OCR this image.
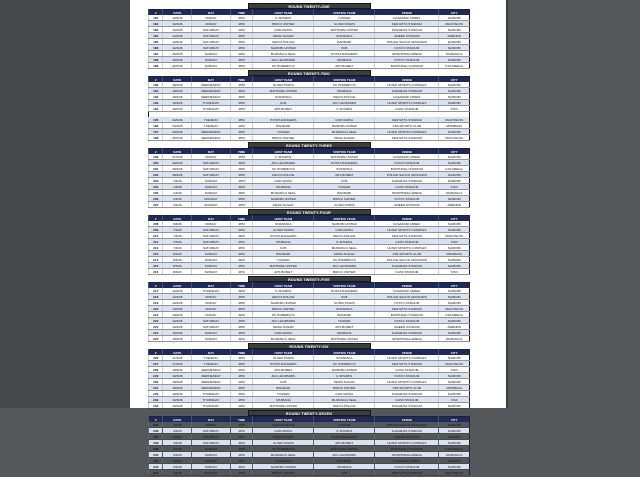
ROUND TWENTY-ONE
#	DATE	DAY	TIME	HOST TEAM	VISITING TEAM	VENUE	CITY
181	13/2/26	FRIDAY	4PM	K-SHARKS	TUSKER	KASARANI ANNEX	NAIROBI
182	13/2/26	FRIDAY	4PM	BIDCO UNITED	ULINZI STARS	KENYATTA STADIUM	MACHAKOS
183	14/2/26	SATURDAY	4PM	GOR MAHIA	MATHARE UNITED	KASARANI STADIUM	NAIROBI
184	14/2/26	SATURDAY	4PM	MARA SUGAR	SOFAPAKA	GREEN STADIUM	AWENDO
185	14/2/26	SATURDAY	4PM	KENYA POLICE	BANDARI	POLICE SACCO GROUNDS	NAIROBI
186	14/2/26	SATURDAY	4PM	NAIROBI UNITED	KCB	NYAYO STADIUM	NAIROBI
187	15/2/26	SUNDAY	4PM	MURANG'A SEAL	POSTA RANGERS	SPORTPESA ARENA	MURANG'A
188	15/2/26	SUNDAY	4PM	AFC LEOPARDS	SHABANA	NYAYO STADIUM	NAIROBI
189	15/2/26	SUNDAY	4PM	KK HOMEBOYZ	APS BOMET	BUKHUNGU STADIUM	KAKAMEGA
ROUND TWENTY-TWO
#	DATE	DAY	TIME	HOST TEAM	VISITING TEAM	VENUE	CITY
190	18/2/26	WEDNESDAY	4PM	ULINZI STARS	KK HOMEBOYZ	ULINZI SPORTS COMPLEX	NAIROBI
191	18/2/26	WEDNESDAY	4PM	MATHARE UNITED	SHABANA	KASARANI STADIUM	NAIROBI
192	18/2/26	WEDNESDAY	4PM	SOFAPAKA	KENYA POLICE	KASARANI ANNEX	NAIROBI
193	19/2/26	THURSDAY	4PM	KCB	AFC LEOPARDS	ULINZI SPORTS COMPLEX	NAIROBI
194	19/2/26	THURSDAY	4PM	APS BOMET	K-SHARKS	GUSII STADIUM	KISII

195	24/2/26	TUESDAY	4PM	POSTA RANGERS	GOR MAHIA	KENYATTA STADIUM	MACHAKOS
196	24/2/26	TUESDAY	4PM	BANDARI	NAIROBI UNITED	KPA SPORTS CLUB	MOMBASA
197	25/2/26	WEDNESDAY	4PM	TUSKER	MURANG'A SEAL	ULINZI SPORTS COMPLEX	NAIROBI
198	25/2/26	WEDNESDAY	4PM	BIDCO UNITED	MARA SUGAR	KENYATTA STADIUM	MACHAKOS
ROUND TWENTY-THREE
#	DATE	DAY	TIME	HOST TEAM	VISITING TEAM	VENUE	CITY
199	27/2/26	FRIDAY	4PM	K-SHARKS	MATHARE UNITED	KASARANI ANNEX	NAIROBI
200	28/2/26	SATURDAY	4PM	AFC LEOPARDS	POSTA RANGERS	NYAYO STADIUM	NAIROBI
201	28/2/26	SATURDAY	4PM	KK HOMEBOYZ	SOFAPAKA	BUKHUNGU STADIUM	KAKAMEGA
202	28/2/26	SATURDAY	4PM	KENYA POLICE	APS BOMET	POLICE SACCO GROUNDS	NAIROBI
203	1/3/26	SUNDAY	4PM	GOR MAHIA	KCB	KASARANI STADIUM	NAIROBI
204	1/3/26	SUNDAY	4PM	SHABANA	TUSKER	GUSII STADIUM	KISII
205	1/3/26	SUNDAY	4PM	MURANG'A SEAL	BANDARI	SPORTPESA ARENA	MURANG'A
206	2/3/26	MONDAY	4PM	NAIROBI UNITED	BIDCO UNITED	NYAYO STADIUM	NAIROBI
207	2/3/26	MONDAY	4PM	MARA SUGAR	ULINZI STARS	GREEN STADIUM	AWENDO
ROUND TWENTY-FOUR
#	DATE	DAY	TIME	HOST TEAM	VISITING TEAM	VENUE	CITY
208	6/3/26	FRIDAY	4PM	SOFAPAKA	NAIROBI UNITED	KASARANI ANNEX	NAIROBI
209	7/3/26	SATURDAY	4PM	ULINZI STARS	GOR MAHIA	ULINZI SPORTS COMPLEX	NAIROBI
210	7/3/26	SATURDAY	4PM	POSTA RANGERS	KENYA POLICE	KENYATTA STADIUM	MACHAKOS
211	7/3/26	SATURDAY	4PM	SHABANA	K-SHARKS	GUSII STADIUM	KISII
212	7/3/26	SATURDAY	4PM	KCB	MURANG'A SEAL	ULINZI SPORTS COMPLEX	NAIROBI
213	8/3/26	SUNDAY	4PM	BANDARI	MARA SUGAR	KPA SPORTS CLUB	MOMBASA
214	8/3/26	SUNDAY	4PM	TUSKER	KK HOMEBOYZ	POLICE SACCO GROUNDS	NAIROBI
215	8/3/26	SUNDAY	4PM	MATHARE UNITED	AFC LEOPARDS	KASARANI STADIUM	NAIROBI
216	8/3/26	SUNDAY	4PM	APS BOMET	BIDCO UNITED	GUSII STADIUM	KISII
ROUND TWENTY-FIVE
#	DATE	DAY	TIME	HOST TEAM	VISITING TEAM	VENUE	CITY
217	12/3/26	THURSDAY	4PM	K-SHARKS	POSTA RANGERS	KASARANI ANNEX	NAIROBI
218	13/3/26	FRIDAY	4PM	KENYA POLICE	KCB	POLICE SACCO GROUNDS	NAIROBI
219	13/3/26	FRIDAY	4PM	NAIROBI UNITED	ULINZI STARS	NYAYO STADIUM	NAIROBI
220	13/3/26	FRIDAY	4PM	BIDCO UNITED	SOFAPAKA	KENYATTA STADIUM	MACHAKOS
221	13/3/26	FRIDAY	4PM	KK HOMEBOYZ	BANDARI	BUKHUNGU STADIUM	KAKAMEGA
222	14/3/26	SATURDAY	4PM	AFC LEOPARDS	TUSKER	NYAYO STADIUM	NAIROBI
223	14/3/26	SATURDAY	4PM	MARA SUGAR	APS BOMET	GREEN STADIUM	AWENDO
224	15/3/26	SUNDAY	4PM	GOR MAHIA	SHABANA	KASARANI STADIUM	NAIROBI
225	15/3/26	SUNDAY	4PM	MURANG'A SEAL	MATHARE UNITED	SPORTPESA ARENA	MURANG'A
ROUND TWENTY-SIX
#	DATE	DAY	TIME	HOST TEAM	VISITING TEAM	VENUE	CITY
226	17/3/26	TUESDAY	4PM	ULINZI STARS	SOFAPAKA	ULINZI SPORTS COMPLEX	NAIROBI
227	17/3/26	TUESDAY	4PM	POSTA RANGERS	KK HOMEBOYZ	KENYATTA STADIUM	MACHAKOS
228	18/3/26	WEDNESDAY	4PM	APS BOMET	NAIROBI UNITED	GUSII STADIUM	KISII
229	18/3/26	WEDNESDAY	4PM	AFC LEOPARDS	K-SHARKS	NYAYO STADIUM	NAIROBI
230	18/3/26	WEDNESDAY	4PM	KCB	MARA SUGAR	ULINZI SPORTS COMPLEX	NAIROBI
231	18/3/26	WEDNESDAY	4PM	BANDARI	BIDCO UNITED	KPA SPORTS CLUB	MOMBASA
232	19/3/26	THURSDAY	4PM	TUSKER	GOR MAHIA	KASARANI STADIUM	NAIROBI
233	19/3/26	THURSDAY	4PM	SHABANA	MURANG'A SEAL	GUSII STADIUM	KISII
234	19/3/26	THURSDAY	4PM	MATHARE UNITED	KENYA POLICE	KASARANI STADIUM	NAIROBI
ROUND TWENTY-SEVEN
#	DATE	DAY	TIME	HOST TEAM	VISITING TEAM	VENUE	CITY
235	3/4/26	FRIDAY	4PM	KENYA POLICE	TUSKER	POLICE SACCO GROUNDS	NAIROBI
236	4/4/26	SATURDAY	4PM	GOR MAHIA	K-SHARKS	KASARANI STADIUM	NAIROBI
237	4/4/26	SATURDAY	4PM	MARA SUGAR	POSTA RANGERS	GREEN STADIUM	AWENDO
238	4/4/26	SATURDAY	4PM	ULINZI STARS	APS BOMET	ULINZI SPORTS COMPLEX	NAIROBI
239	5/4/26	SUNDAY	4PM	KK HOMEBOYZ	MATHARE UNITED	BUKHUNGU STADIUM	KAKAMEGA
240	5/4/26	SUNDAY	4PM	MURANG'A SEAL	AFC LEOPARDS	SPORTPESA ARENA	MURANG'A
241	5/4/26	SUNDAY	4PM	SOFAPAKA	BANDARI	KASARANI ANNEX	NAIROBI
242	5/4/26	SUNDAY	4PM	NAIROBI UNITED	SHABANA	NYAYO STADIUM	NAIROBI
243	6/4/26	MONDAY	4PM	BIDCO UNITED	KCB	KENYATTA STADIUM	MACHAKOS
